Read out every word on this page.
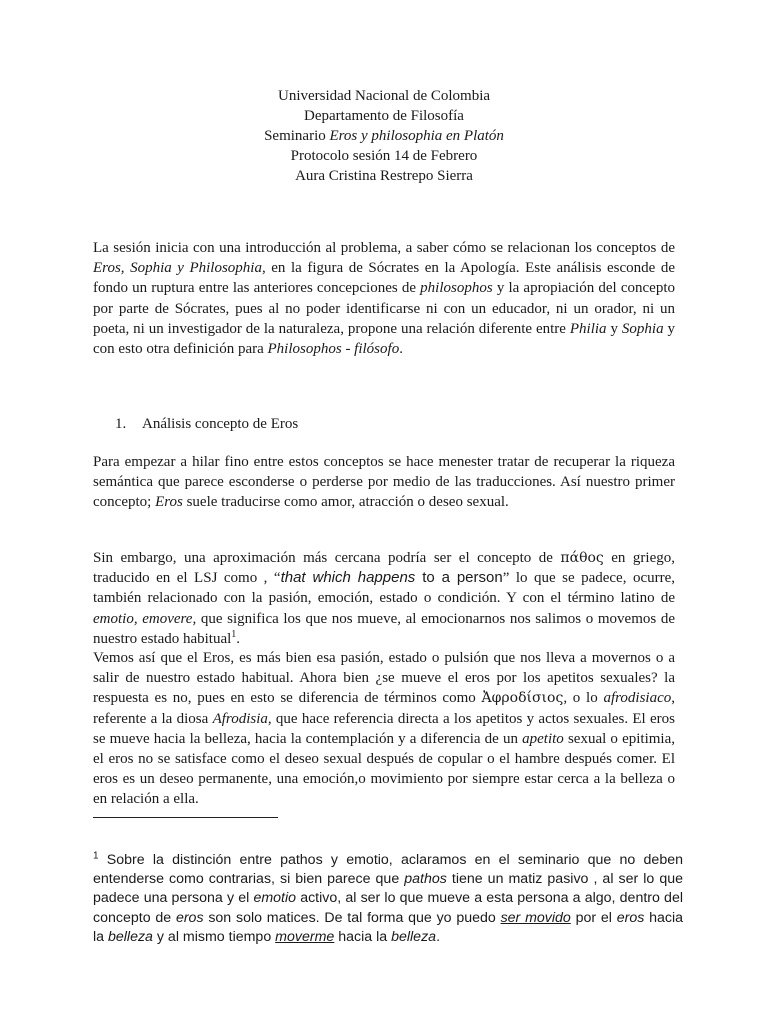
Universidad Nacional de Colombia
Departamento de Filosofía
Seminario Eros y philosophia en Platón
Protocolo sesión 14 de Febrero
Aura Cristina Restrepo Sierra

La sesión inicia con una introducción al problema, a saber cómo se relacionan los conceptos de Eros, Sophia y Philosophia, en la figura de Sócrates en la Apología. Este análisis esconde de fondo un ruptura entre las anteriores concepciones de philosophos y la apropiación del concepto por parte de Sócrates, pues al no poder identificarse ni con un educador, ni un orador, ni un poeta, ni un investigador de la naturaleza, propone una relación diferente entre Philia y Sophia y con esto otra definición para Philosophos - filósofo.

1. Análisis concepto de Eros

Para empezar a hilar fino entre estos conceptos se hace menester tratar de recuperar la riqueza semántica que parece esconderse o perderse por medio de las traducciones. Así nuestro primer concepto; Eros suele traducirse como amor, atracción o deseo sexual.

Sin embargo, una aproximación más cercana podría ser el concepto de πάθος en griego, traducido en el LSJ como , “that which happens to a person” lo que se padece, ocurre, también relacionado con la pasión, emoción, estado o condición. Y con el término latino de emotio, emovere, que significa los que nos mueve, al emocionarnos nos salimos o movemos de nuestro estado habitual$^1$.

Vemos así que el Eros, es más bien esa pasión, estado o pulsión que nos lleva a movernos o a salir de nuestro estado habitual. Ahora bien ¿se mueve el eros por los apetitos sexuales? la respuesta es no, pues en esto se diferencia de términos como Ἀφροδίσιος, o lo afrodisiaco, referente a la diosa Afrodisia, que hace referencia directa a los apetitos y actos sexuales. El eros se mueve hacia la belleza, hacia la contemplación y a diferencia de un apetito sexual o epitimia, el eros no se satisface como el deseo sexual después de copular o el hambre después comer. El eros es un deseo permanente, una emoción,o movimiento por siempre estar cerca a la belleza o en relación a ella.

$^1$ Sobre la distinción entre pathos y emotio, aclaramos en el seminario que no deben entenderse como contrarias, si bien parece que pathos tiene un matiz pasivo , al ser lo que padece una persona y el emotio activo, al ser lo que mueve a esta persona a algo, dentro del concepto de eros son solo matices. De tal forma que yo puedo ser movido por el eros hacia la belleza y al mismo tiempo moverme hacia la belleza.
